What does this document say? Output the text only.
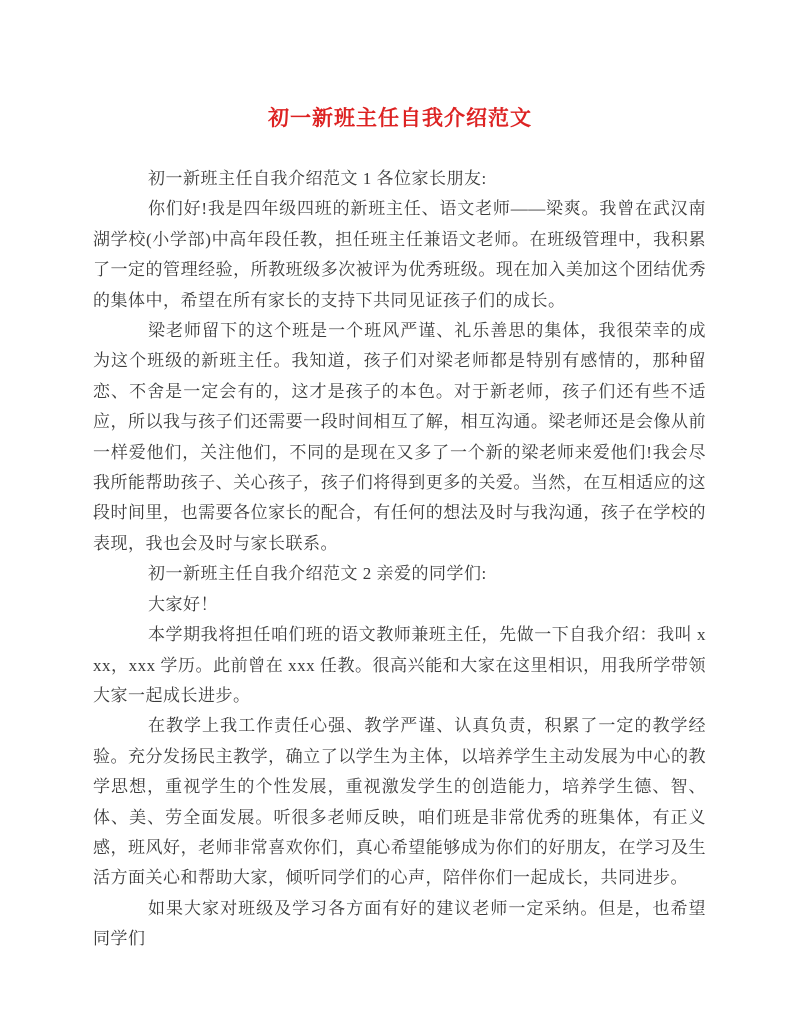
初一新班主任自我介绍范文

初一新班主任自我介绍范文 1 各位家长朋友:

你们好!我是四年级四班的新班主任、语文老师——梁爽。我曾在武汉南湖学校(小学部)中高年段任教，担任班主任兼语文老师。在班级管理中，我积累了一定的管理经验，所教班级多次被评为优秀班级。现在加入美加这个团结优秀的集体中，希望在所有家长的支持下共同见证孩子们的成长。

梁老师留下的这个班是一个班风严谨、礼乐善思的集体，我很荣幸的成为这个班级的新班主任。我知道，孩子们对梁老师都是特别有感情的，那种留恋、不舍是一定会有的，这才是孩子的本色。对于新老师，孩子们还有些不适应，所以我与孩子们还需要一段时间相互了解，相互沟通。梁老师还是会像从前一样爱他们，关注他们，不同的是现在又多了一个新的梁老师来爱他们!我会尽我所能帮助孩子、关心孩子，孩子们将得到更多的关爱。当然，在互相适应的这段时间里，也需要各位家长的配合，有任何的想法及时与我沟通，孩子在学校的表现，我也会及时与家长联系。

初一新班主任自我介绍范文 2 亲爱的同学们:

大家好！

本学期我将担任咱们班的语文教师兼班主任，先做一下自我介绍：我叫 xxx，xxx 学历。此前曾在 xxx 任教。很高兴能和大家在这里相识，用我所学带领大家一起成长进步。

在教学上我工作责任心强、教学严谨、认真负责，积累了一定的教学经验。充分发扬民主教学，确立了以学生为主体，以培养学生主动发展为中心的教学思想，重视学生的个性发展，重视激发学生的创造能力，培养学生德、智、体、美、劳全面发展。听很多老师反映，咱们班是非常优秀的班集体，有正义感，班风好，老师非常喜欢你们，真心希望能够成为你们的好朋友，在学习及生活方面关心和帮助大家，倾听同学们的心声，陪伴你们一起成长，共同进步。

如果大家对班级及学习各方面有好的建议老师一定采纳。但是，也希望同学们
